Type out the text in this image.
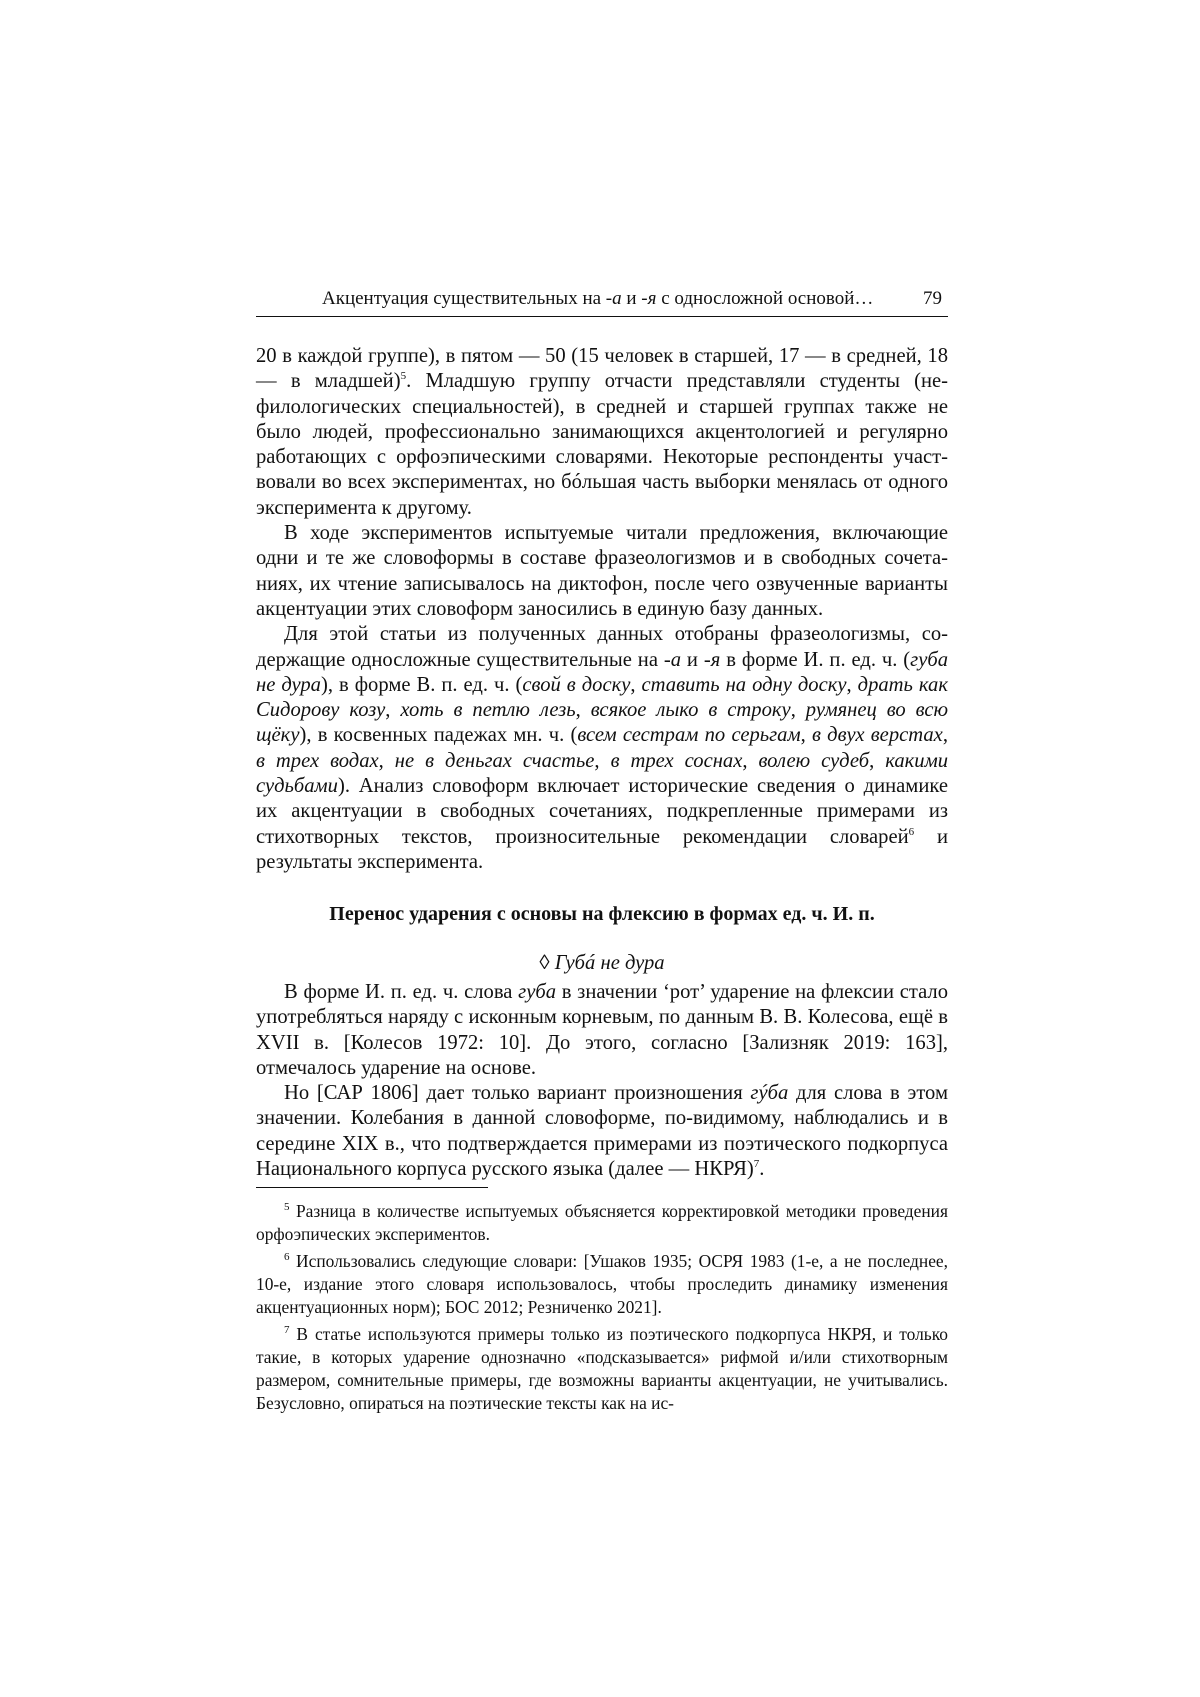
Акцентуация существительных на -а и -я с односложной основой…	79

20 в каждой группе), в пятом — 50 (15 человек в старшей, 17 — в средней, 18 — в младшей)$^5$. Младшую группу отчасти представляли студенты (нефилологических специальностей), в средней и старшей группах также не было людей, профессионально занимающихся акцентологией и регулярно работающих с орфоэпическими словарями. Некоторые респонденты участвовали во всех экспериментах, но бóльшая часть выборки менялась от одного эксперимента к другому.

В ходе экспериментов испытуемые читали предложения, включающие одни и те же словоформы в составе фразеологизмов и в свободных сочетаниях, их чтение записывалось на диктофон, после чего озвученные варианты акцентуации этих словоформ заносились в единую базу данных.

Для этой статьи из полученных данных отобраны фразеологизмы, содержащие односложные существительные на -а и -я в форме И. п. ед. ч. (губа не дура), в форме В. п. ед. ч. (свой в доску, ставить на одну доску, драть как Сидорову козу, хоть в петлю лезь, всякое лыко в строку, румянец во всю щёку), в косвенных падежах мн. ч. (всем сестрам по серьгам, в двух верстах, в трех водах, не в деньгах счастье, в трех соснах, волею судеб, какими судьбами). Анализ словоформ включает исторические сведения о динамике их акцентуации в свободных сочетаниях, подкрепленные примерами из стихотворных текстов, произносительные рекомендации словарей$^6$ и результаты эксперимента.

Перенос ударения с основы на флексию в формах ед. ч. И. п.
◊ Губá не дура

В форме И. п. ед. ч. слова губа в значении ‘рот’ ударение на флексии стало употребляться наряду с исконным корневым, по данным В. В. Колесова, ещё в XVII в. [Колесов 1972: 10]. До этого, согласно [Зализняк 2019: 163], отмечалось ударение на основе.

Но [САР 1806] дает только вариант произношения гýба для слова в этом значении. Колебания в данной словоформе, по-видимому, наблюдались и в середине XIX в., что подтверждается примерами из поэтического подкорпуса Национального корпуса русского языка (далее — НКРЯ)$^7$.

$^5$ Разница в количестве испытуемых объясняется корректировкой методики проведения орфоэпических экспериментов.

$^6$ Использовались следующие словари: [Ушаков 1935; ОСРЯ 1983 (1-е, а не последнее, 10-е, издание этого словаря использовалось, чтобы проследить динамику изменения акцентуационных норм); БОС 2012; Резниченко 2021].

$^7$ В статье используются примеры только из поэтического подкорпуса НКРЯ, и только такие, в которых ударение однозначно «подсказывается» рифмой и/или стихотворным размером, сомнительные примеры, где возможны варианты акцентуации, не учитывались. Безусловно, опираться на поэтические тексты как на ис-
